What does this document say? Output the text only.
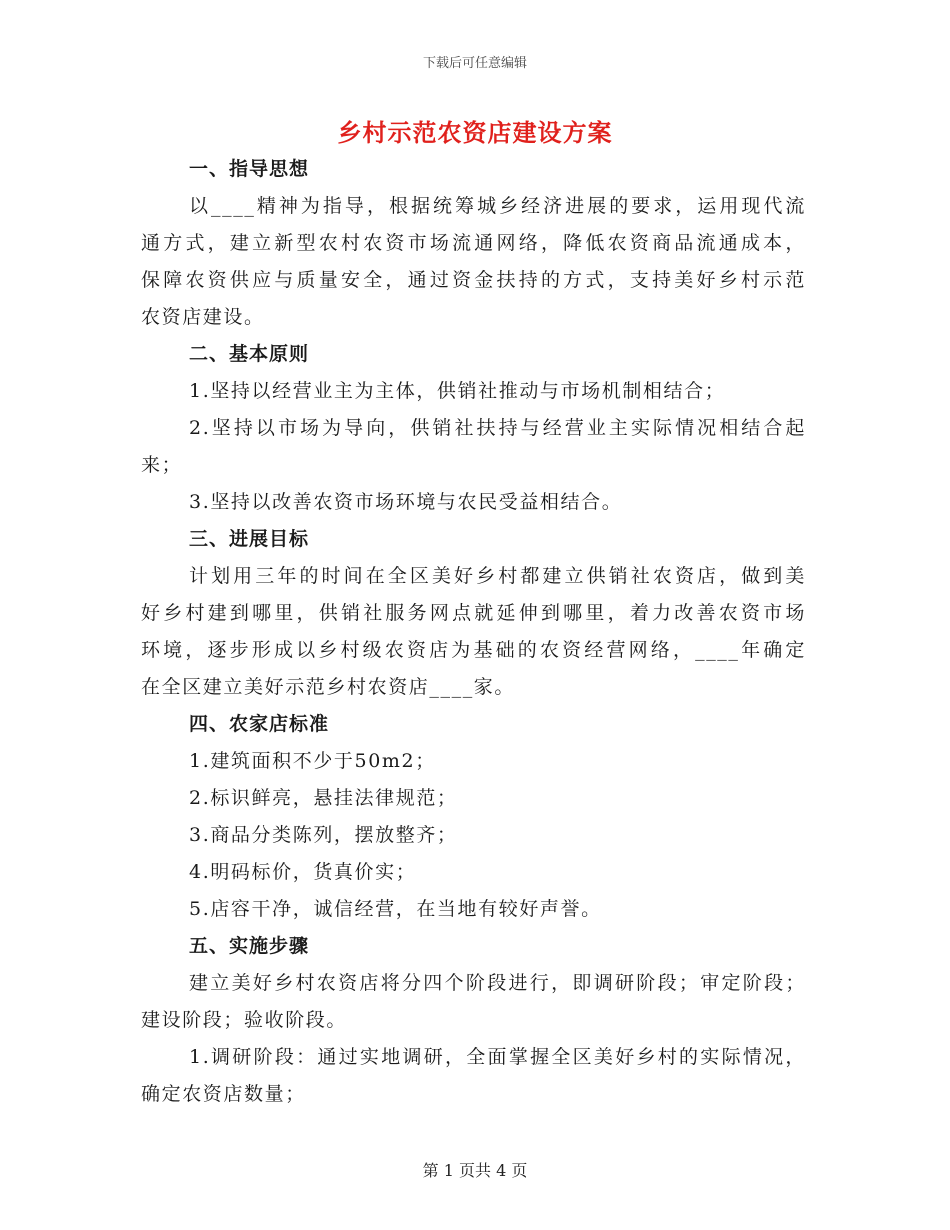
下载后可任意编辑
乡村示范农资店建设方案
一、指导思想
以____精神为指导，根据统筹城乡经济进展的要求，运用现代流
通方式，建立新型农村农资市场流通网络，降低农资商品流通成本，
保障农资供应与质量安全，通过资金扶持的方式，支持美好乡村示范
农资店建设。
二、基本原则
1.坚持以经营业主为主体，供销社推动与市场机制相结合；
2.坚持以市场为导向，供销社扶持与经营业主实际情况相结合起
来；
3.坚持以改善农资市场环境与农民受益相结合。
三、进展目标
计划用三年的时间在全区美好乡村都建立供销社农资店，做到美
好乡村建到哪里，供销社服务网点就延伸到哪里，着力改善农资市场
环境，逐步形成以乡村级农资店为基础的农资经营网络，____年确定
在全区建立美好示范乡村农资店____家。
四、农家店标准
1.建筑面积不少于50m2；
2.标识鲜亮，悬挂法律规范；
3.商品分类陈列，摆放整齐；
4.明码标价，货真价实；
5.店容干净，诚信经营，在当地有较好声誉。
五、实施步骤
建立美好乡村农资店将分四个阶段进行，即调研阶段；审定阶段；
建设阶段；验收阶段。
1.调研阶段：通过实地调研，全面掌握全区美好乡村的实际情况，
确定农资店数量；
第 1 页共 4 页
